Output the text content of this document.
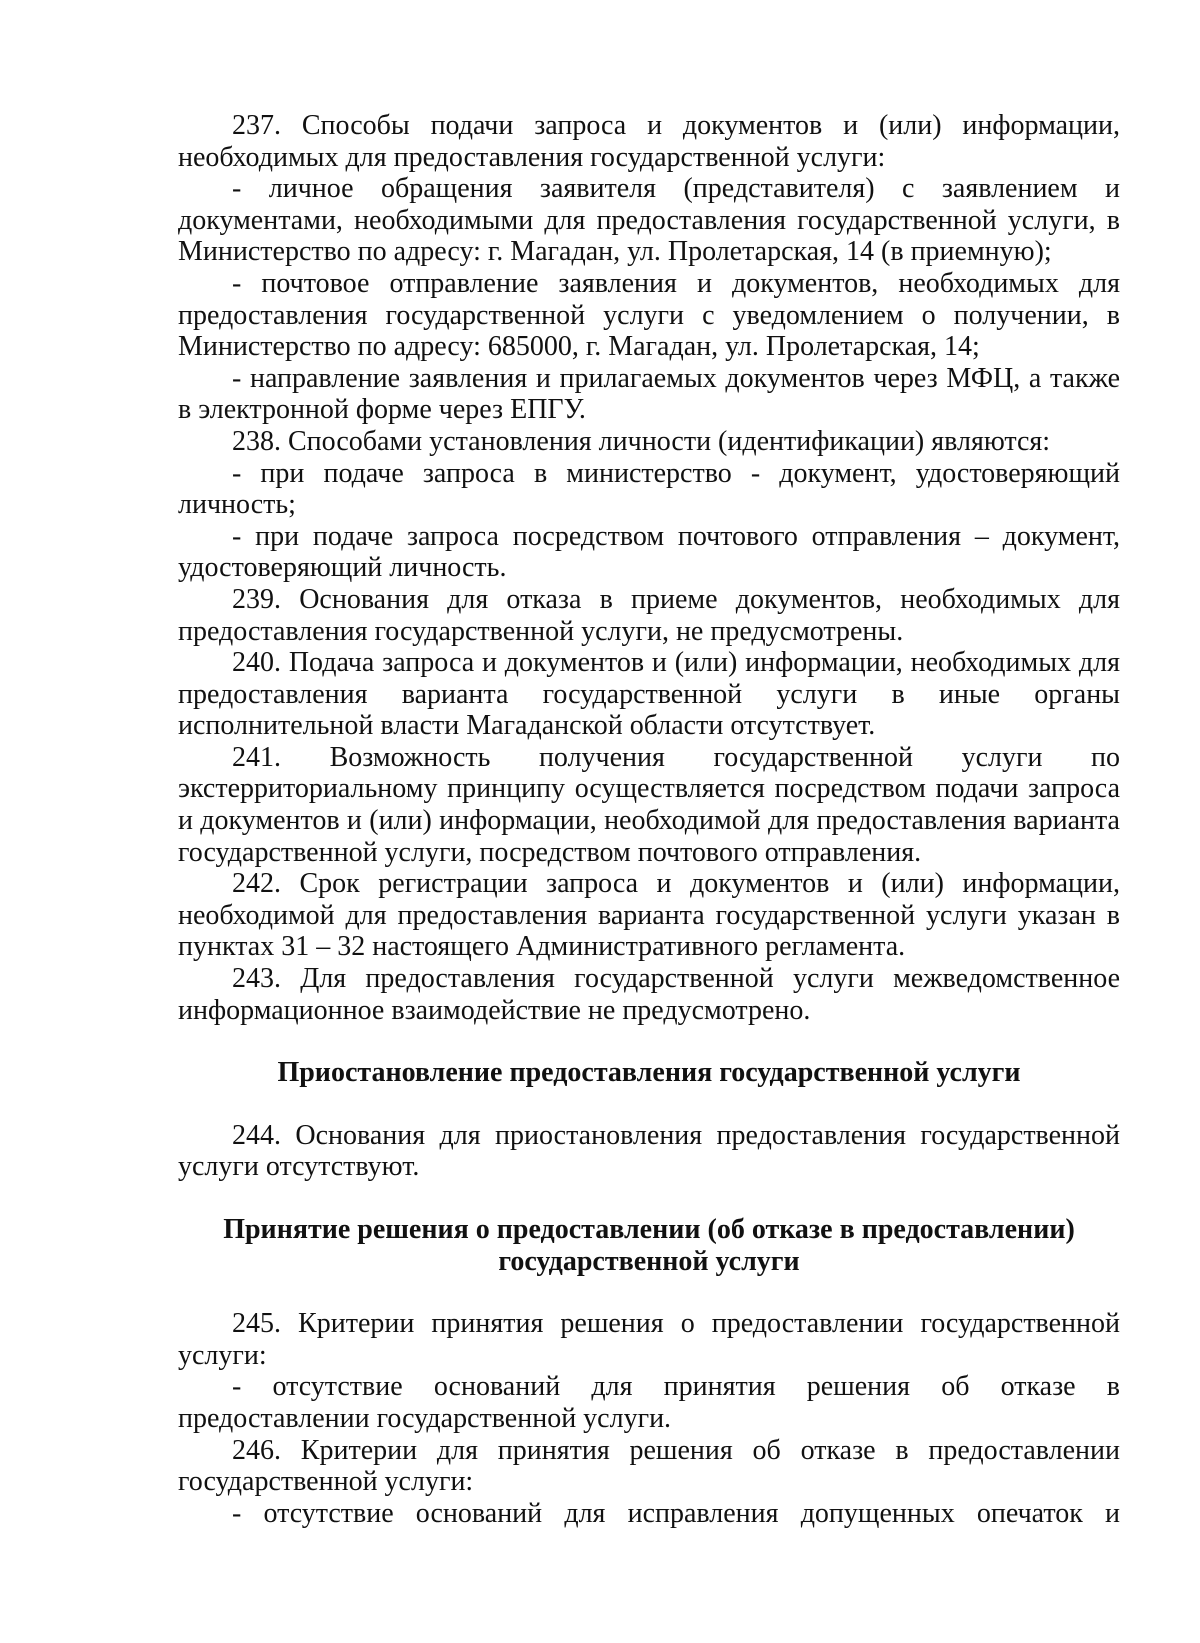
237. Способы подачи запроса и документов и (или) информации, необходимых для предоставления государственной услуги:

- личное обращения заявителя (представителя) с заявлением и документами, необходимыми для предоставления государственной услуги, в Министерство по адресу: г. Магадан, ул. Пролетарская, 14 (в приемную);

- почтовое отправление заявления и документов, необходимых для предоставления государственной услуги с уведомлением о получении, в Министерство по адресу: 685000, г. Магадан, ул. Пролетарская, 14;

- направление заявления и прилагаемых документов через МФЦ, а также в электронной форме через ЕПГУ.

238. Способами установления личности (идентификации) являются:

- при подаче запроса в министерство - документ, удостоверяющий личность;

- при подаче запроса посредством почтового отправления – документ, удостоверяющий личность.

239. Основания для отказа в приеме документов, необходимых для предоставления государственной услуги, не предусмотрены.

240. Подача запроса и документов и (или) информации, необходимых для предоставления варианта государственной услуги в иные органы исполнительной власти Магаданской области отсутствует.

241. Возможность получения государственной услуги по экстерриториальному принципу осуществляется посредством подачи запроса и документов и (или) информации, необходимой для предоставления варианта государственной услуги, посредством почтового отправления.

242. Срок регистрации запроса и документов и (или) информации, необходимой для предоставления варианта государственной услуги указан в пунктах 31 – 32 настоящего Административного регламента.

243. Для предоставления государственной услуги межведомственное информационное взаимодействие не предусмотрено.

Приостановление предоставления государственной услуги

244. Основания для приостановления предоставления государственной услуги отсутствуют.

Принятие решения о предоставлении (об отказе в предоставлении)

государственной услуги

245. Критерии принятия решения о предоставлении государственной услуги:

- отсутствие оснований для принятия решения об отказе в предоставлении государственной услуги.

246. Критерии для принятия решения об отказе в предоставлении государственной услуги:

- отсутствие оснований для исправления допущенных опечаток и
